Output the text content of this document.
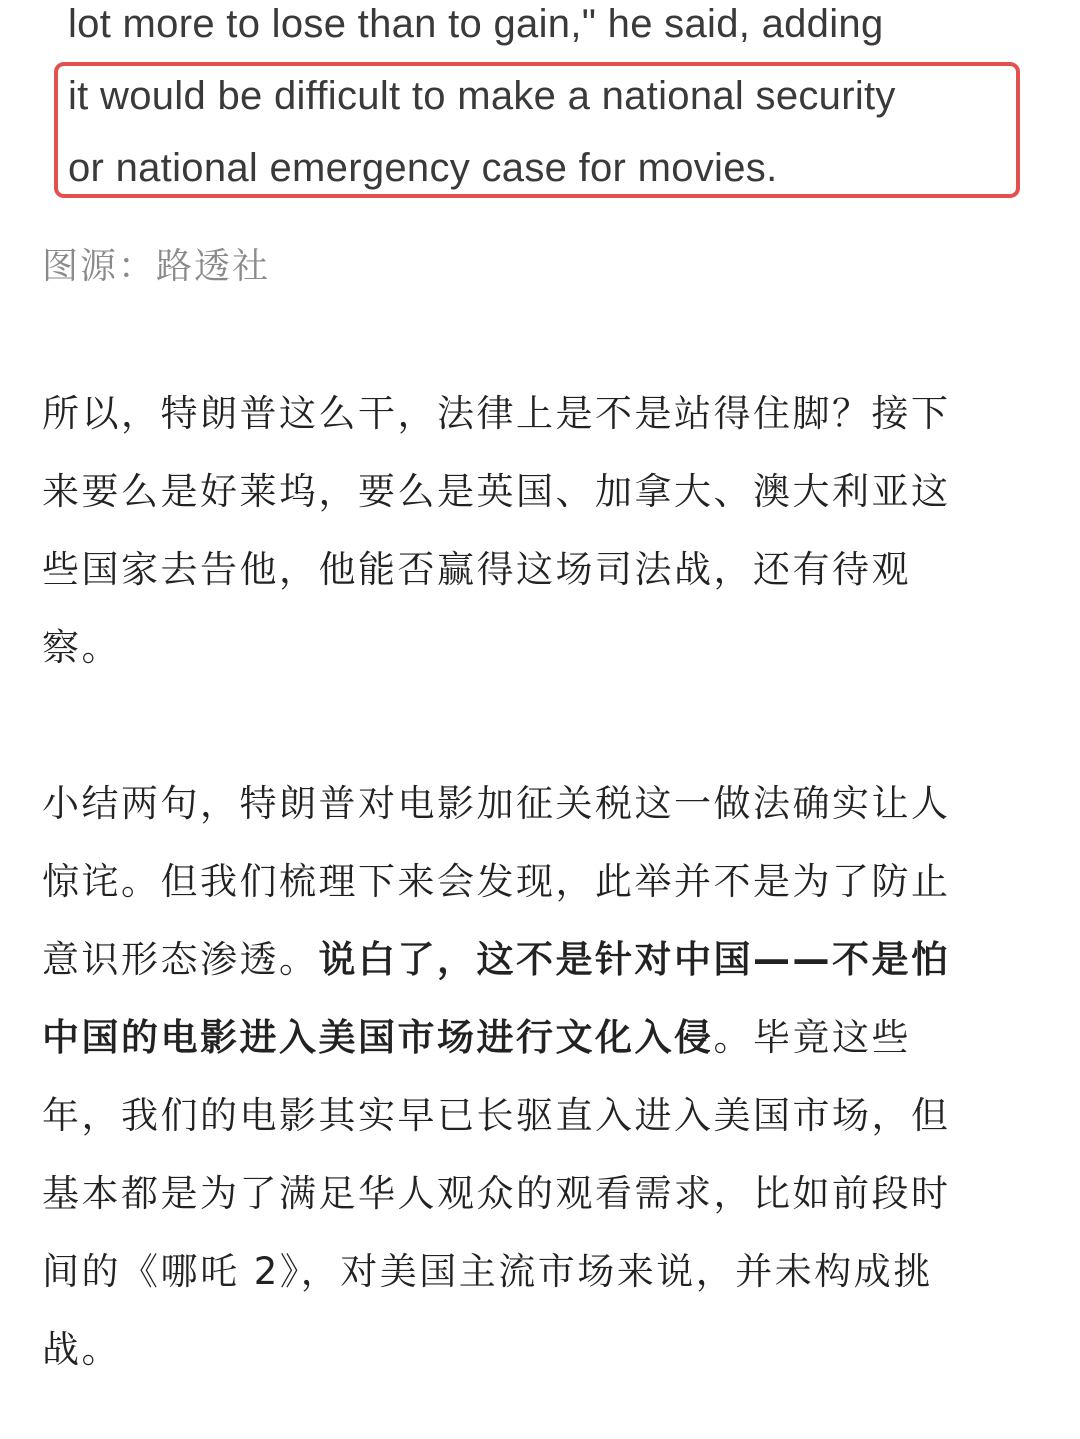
lot more to lose than to gain," he said, adding
it would be difficult to make a national security
or national emergency case for movies.
图源：路透社

所以，特朗普这么干，法律上是不是站得住脚？接下
来要么是好莱坞，要么是英国、加拿大、澳大利亚这
些国家去告他，他能否赢得这场司法战，还有待观
察。

小结两句，特朗普对电影加征关税这一做法确实让人
惊诧。但我们梳理下来会发现，此举并不是为了防止
意识形态渗透。说白了，这不是针对中国——不是怕
中国的电影进入美国市场进行文化入侵。毕竟这些
年，我们的电影其实早已长驱直入进入美国市场，但
基本都是为了满足华人观众的观看需求，比如前段时
间的《哪吒 2》，对美国主流市场来说，并未构成挑
战。
